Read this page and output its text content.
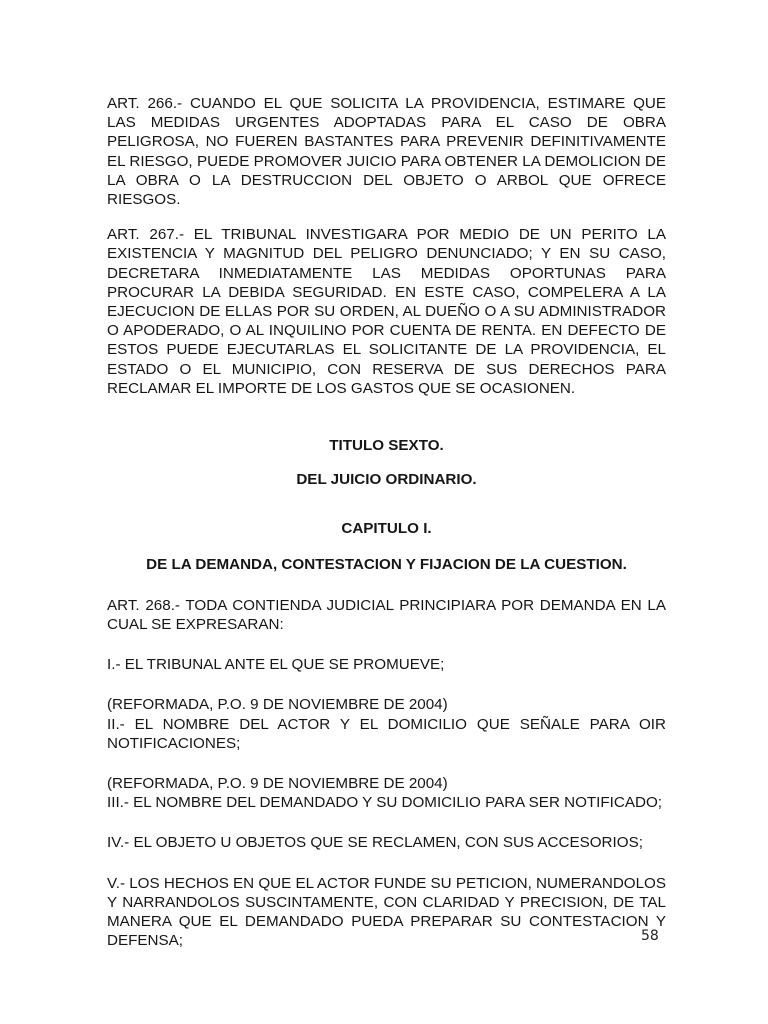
ART. 266.- CUANDO EL QUE SOLICITA LA PROVIDENCIA, ESTIMARE QUE LAS MEDIDAS URGENTES ADOPTADAS PARA EL CASO DE OBRA PELIGROSA, NO FUEREN BASTANTES PARA PREVENIR DEFINITIVAMENTE EL RIESGO, PUEDE PROMOVER JUICIO PARA OBTENER LA DEMOLICION DE LA OBRA O LA DESTRUCCION DEL OBJETO O ARBOL QUE OFRECE RIESGOS.

ART. 267.- EL TRIBUNAL INVESTIGARA POR MEDIO DE UN PERITO LA EXISTENCIA Y MAGNITUD DEL PELIGRO DENUNCIADO; Y EN SU CASO, DECRETARA INMEDIATAMENTE LAS MEDIDAS OPORTUNAS PARA PROCURAR LA DEBIDA SEGURIDAD. EN ESTE CASO, COMPELERA A LA EJECUCION DE ELLAS POR SU ORDEN, AL DUEÑO O A SU ADMINISTRADOR O APODERADO, O AL INQUILINO POR CUENTA DE RENTA. EN DEFECTO DE ESTOS PUEDE EJECUTARLAS EL SOLICITANTE DE LA PROVIDENCIA, EL ESTADO O EL MUNICIPIO, CON RESERVA DE SUS DERECHOS PARA RECLAMAR EL IMPORTE DE LOS GASTOS QUE SE OCASIONEN.

TITULO SEXTO.

DEL JUICIO ORDINARIO.

CAPITULO I.

DE LA DEMANDA, CONTESTACION Y FIJACION DE LA CUESTION.

ART. 268.- TODA CONTIENDA JUDICIAL PRINCIPIARA POR DEMANDA EN LA CUAL SE EXPRESARAN:

I.- EL TRIBUNAL ANTE EL QUE SE PROMUEVE;

(REFORMADA, P.O. 9 DE NOVIEMBRE DE 2004)

II.- EL NOMBRE DEL ACTOR Y EL DOMICILIO QUE SEÑALE PARA OIR NOTIFICACIONES;

(REFORMADA, P.O. 9 DE NOVIEMBRE DE 2004)

III.- EL NOMBRE DEL DEMANDADO Y SU DOMICILIO PARA SER NOTIFICADO;

IV.- EL OBJETO U OBJETOS QUE SE RECLAMEN, CON SUS ACCESORIOS;

V.- LOS HECHOS EN QUE EL ACTOR FUNDE SU PETICION, NUMERANDOLOS Y NARRANDOLOS SUSCINTAMENTE, CON CLARIDAD Y PRECISION, DE TAL MANERA QUE EL DEMANDADO PUEDA PREPARAR SU CONTESTACION Y DEFENSA;	58
